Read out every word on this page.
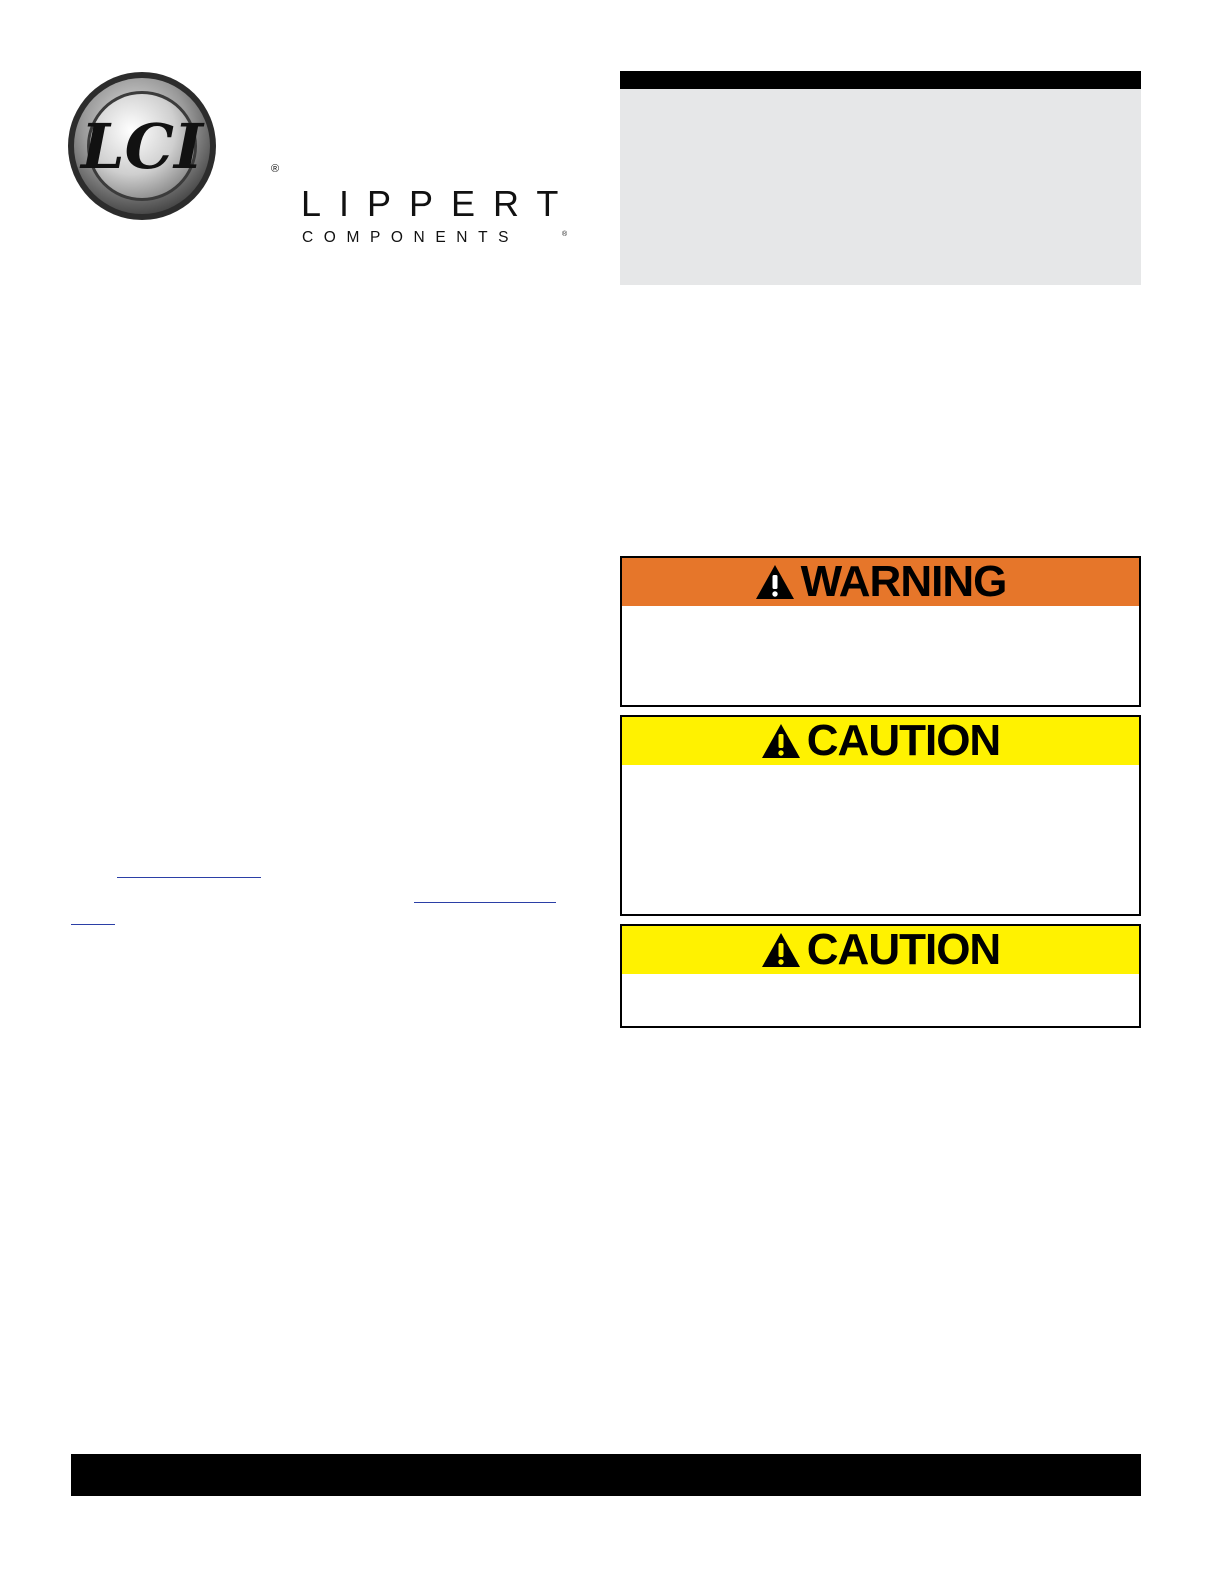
LCI	®
LIPPERT

COMPONENTS	®
WARNING
CAUTION
CAUTION
